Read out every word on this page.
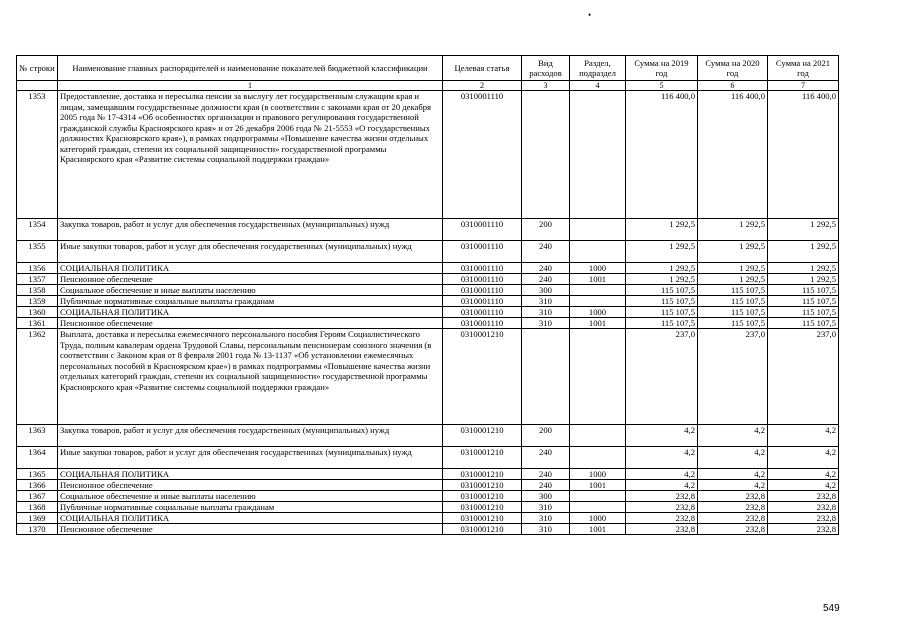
•
№ строки	Наименование главных распорядителей и наименование показателей бюджетной классификации	Целевая статья	Вид расходов	Раздел, подраздел	Сумма на 2019 год	Сумма на 2020 год	Сумма на 2021 год
	1	2	3	4	5	6	7
1353	Предоставление, доставка и пересылка пенсии за выслугу лет государственным служащим края и лицам, замещавшим государственные должности края (в соответствии с законами края от 20 декабря 2005 года № 17-4314 «Об особенностях организации и правового регулирования государственной гражданской службы Красноярского края» и от 26 декабря 2006 года № 21-5553 «О государственных должностях Красноярского края»), в рамках подпрограммы «Повышение качества жизни отдельных категорий граждан, степени их социальной защищенности» государственной программы Красноярского края «Развитие системы социальной поддержки граждан»	0310001110			116 400,0	116 400,0	116 400,0
1354	Закупка товаров, работ и услуг для обеспечения государственных (муниципальных) нужд	0310001110	200		1 292,5	1 292,5	1 292,5
1355	Иные закупки товаров, работ и услуг для обеспечения государственных (муниципальных) нужд	0310001110	240		1 292,5	1 292,5	1 292,5
1356	СОЦИАЛЬНАЯ ПОЛИТИКА	0310001110	240	1000	1 292,5	1 292,5	1 292,5
1357	Пенсионное обеспечение	0310001110	240	1001	1 292,5	1 292,5	1 292,5
1358	Социальное обеспечение и иные выплаты населению	0310001110	300		115 107,5	115 107,5	115 107,5
1359	Публичные нормативные социальные выплаты гражданам	0310001110	310		115 107,5	115 107,5	115 107,5
1360	СОЦИАЛЬНАЯ ПОЛИТИКА	0310001110	310	1000	115 107,5	115 107,5	115 107,5
1361	Пенсионное обеспечение	0310001110	310	1001	115 107,5	115 107,5	115 107,5
1362	Выплата, доставка и пересылка ежемесячного персонального пособия Героям Социалистического Труда, полным кавалерам ордена Трудовой Славы, персональным пенсионерам союзного значения (в соответствии с Законом края от 8 февраля 2001 года № 13-1137 «Об установлении ежемесячных персональных пособий в Красноярском крае») в рамках подпрограммы «Повышение качества жизни отдельных категорий граждан, степени их социальной защищенности» государственной программы Красноярского края «Развитие системы социальной поддержки граждан»	0310001210			237,0	237,0	237,0
1363	Закупка товаров, работ и услуг для обеспечения государственных (муниципальных) нужд	0310001210	200		4,2	4,2	4,2
1364	Иные закупки товаров, работ и услуг для обеспечения государственных (муниципальных) нужд	0310001210	240		4,2	4,2	4,2
1365	СОЦИАЛЬНАЯ ПОЛИТИКА	0310001210	240	1000	4,2	4,2	4,2
1366	Пенсионное обеспечение	0310001210	240	1001	4,2	4,2	4,2
1367	Социальное обеспечение и иные выплаты населению	0310001210	300		232,8	232,8	232,8
1368	Публичные нормативные социальные выплаты гражданам	0310001210	310		232,8	232,8	232,8
1369	СОЦИАЛЬНАЯ ПОЛИТИКА	0310001210	310	1000	232,8	232,8	232,8
1370	Пенсионное обеспечение	0310001210	310	1001	232,8	232,8	232,8
549
